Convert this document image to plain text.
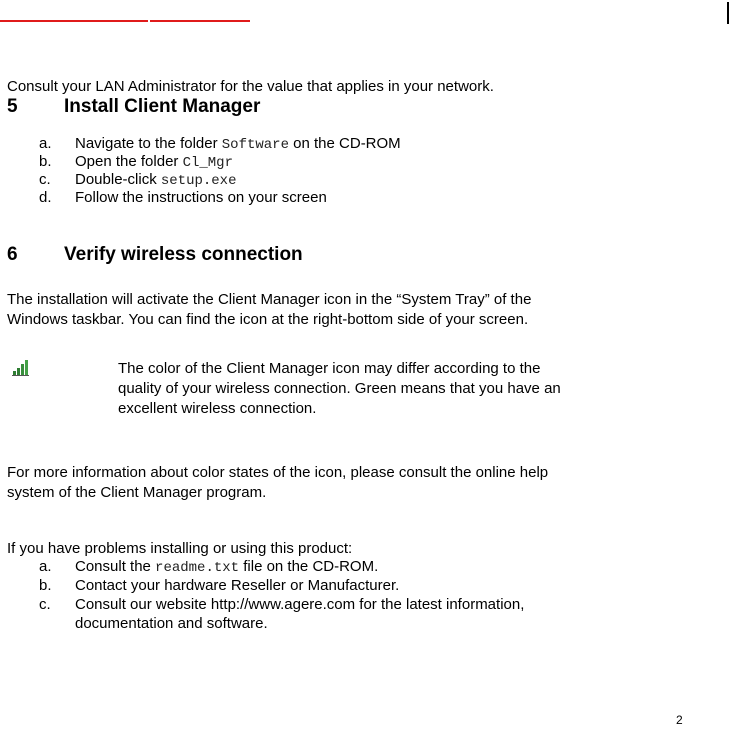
Consult your LAN Administrator for the value that applies in your network.
5 Install Client Manager
a. Navigate to the folder Software on the CD-ROM
b. Open the folder Cl_Mgr
c. Double-click setup.exe
d. Follow the instructions on your screen
6 Verify wireless connection
The installation will activate the Client Manager icon in the “System Tray” of the
Windows taskbar. You can find the icon at the right-bottom side of your screen.
The color of the Client Manager icon may differ according to the
quality of your wireless connection. Green means that you have an
excellent wireless connection.
For more information about color states of the icon, please consult the online help
system of the Client Manager program.
If you have problems installing or using this product:
a. Consult the readme.txt file on the CD-ROM.
b. Contact your hardware Reseller or Manufacturer.
c. Consult our website http://www.agere.com for the latest information,
documentation and software.
2
